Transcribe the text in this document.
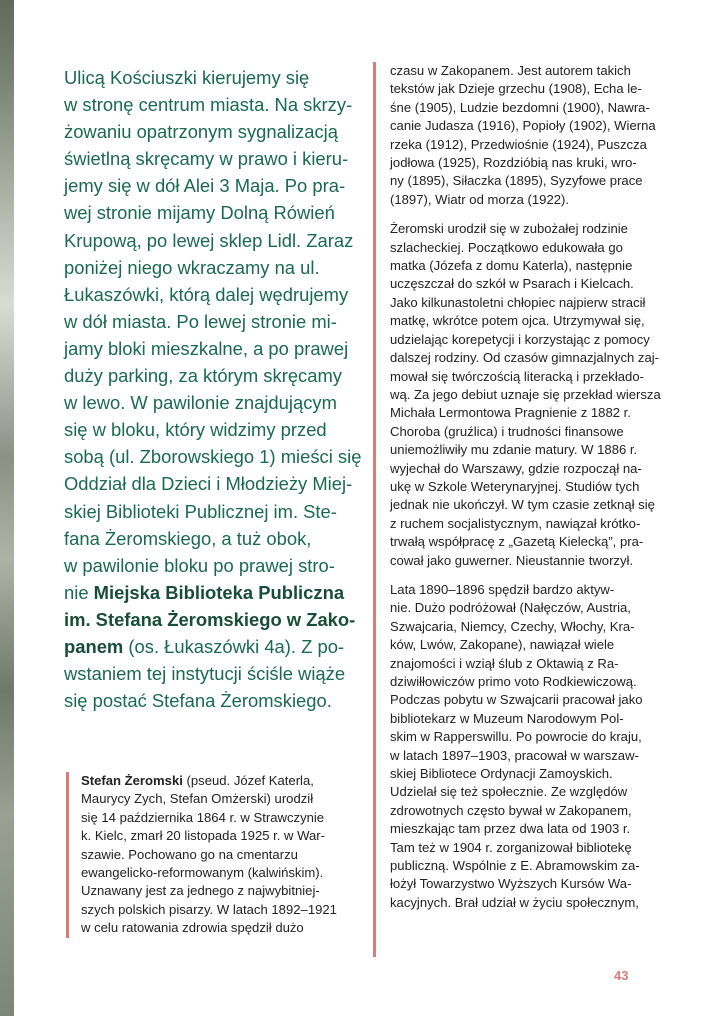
Ulicą Kościuszki kierujemy się
w stronę centrum miasta. Na skrzy-
żowaniu opatrzonym sygnalizacją
świetlną skręcamy w prawo i kieru-
jemy się w dół Alei 3 Maja. Po pra-
wej stronie mijamy Dolną Rówień
Krupową, po lewej sklep Lidl. Zaraz
poniżej niego wkraczamy na ul.
Łukaszówki, którą dalej wędrujemy
w dół miasta. Po lewej stronie mi-
jamy bloki mieszkalne, a po prawej
duży parking, za którym skręcamy
w lewo. W pawilonie znajdującym
się w bloku, który widzimy przed
sobą (ul. Zborowskiego 1) mieści się
Oddział dla Dzieci i Młodzieży Miej-
skiej Biblioteki Publicznej im. Ste-
fana Żeromskiego, a tuż obok,
w pawilonie bloku po prawej stro-
nie Miejska Biblioteka Publiczna
im. Stefana Żeromskiego w Zako-
panem (os. Łukaszówki 4a). Z po-
wstaniem tej instytucji ściśle wiąże
się postać Stefana Żeromskiego.

Stefan Żeromski (pseud. Józef Katerla,
Maurycy Zych, Stefan Omżerski) urodził
się 14 października 1864 r. w Strawczynie
k. Kielc, zmarł 20 listopada 1925 r. w War-
szawie. Pochowano go na cmentarzu
ewangelicko-reformowanym (kalwińskim).
Uznawany jest za jednego z najwybitniej-
szych polskich pisarzy. W latach 1892–1921
w celu ratowania zdrowia spędził dużo

czasu w Zakopanem. Jest autorem takich
tekstów jak Dzieje grzechu (1908), Echa le-
śne (1905), Ludzie bezdomni (1900), Nawra-
canie Judasza (1916), Popioły (1902), Wierna
rzeka (1912), Przedwiośnie (1924), Puszcza
jodłowa (1925), Rozdzióbią nas kruki, wro-
ny (1895), Siłaczka (1895), Syzyfowe prace
(1897), Wiatr od morza (1922).

Żeromski urodził się w zubożałej rodzinie
szlacheckiej. Początkowo edukowała go
matka (Józefa z domu Katerla), następnie
uczęszczał do szkół w Psarach i Kielcach.
Jako kilkunastoletni chłopiec najpierw stracił
matkę, wkrótce potem ojca. Utrzymywał się,
udzielając korepetycji i korzystając z pomocy
dalszej rodziny. Od czasów gimnazjalnych zaj-
mował się twórczością literacką i przekłado-
wą. Za jego debiut uznaje się przekład wiersza
Michała Lermontowa Pragnienie z 1882 r.
Choroba (gruźlica) i trudności finansowe
uniemożliwiły mu zdanie matury. W 1886 r.
wyjechał do Warszawy, gdzie rozpoczął na-
ukę w Szkole Weterynaryjnej. Studiów tych
jednak nie ukończył. W tym czasie zetknął się
z ruchem socjalistycznym, nawiązał krótko-
trwałą współpracę z „Gazetą Kielecką”, pra-
cował jako guwerner. Nieustannie tworzył.

Lata 1890–1896 spędził bardzo aktyw-
nie. Dużo podróżował (Nałęczów, Austria,
Szwajcaria, Niemcy, Czechy, Włochy, Kra-
ków, Lwów, Zakopane), nawiązał wiele
znajomości i wziął ślub z Oktawią z Ra-
dziwiłłowiczów primo voto Rodkiewiczową.
Podczas pobytu w Szwajcarii pracował jako
bibliotekarz w Muzeum Narodowym Pol-
skim w Rapperswillu. Po powrocie do kraju,
w latach 1897–1903, pracował w warszaw-
skiej Bibliotece Ordynacji Zamoyskich.
Udzielał się też społecznie. Ze względów
zdrowotnych często bywał w Zakopanem,
mieszkając tam przez dwa lata od 1903 r.
Tam też w 1904 r. zorganizował bibliotekę
publiczną. Wspólnie z E. Abramowskim za-
łożył Towarzystwo Wyższych Kursów Wa-
kacyjnych. Brał udział w życiu społecznym,

43
